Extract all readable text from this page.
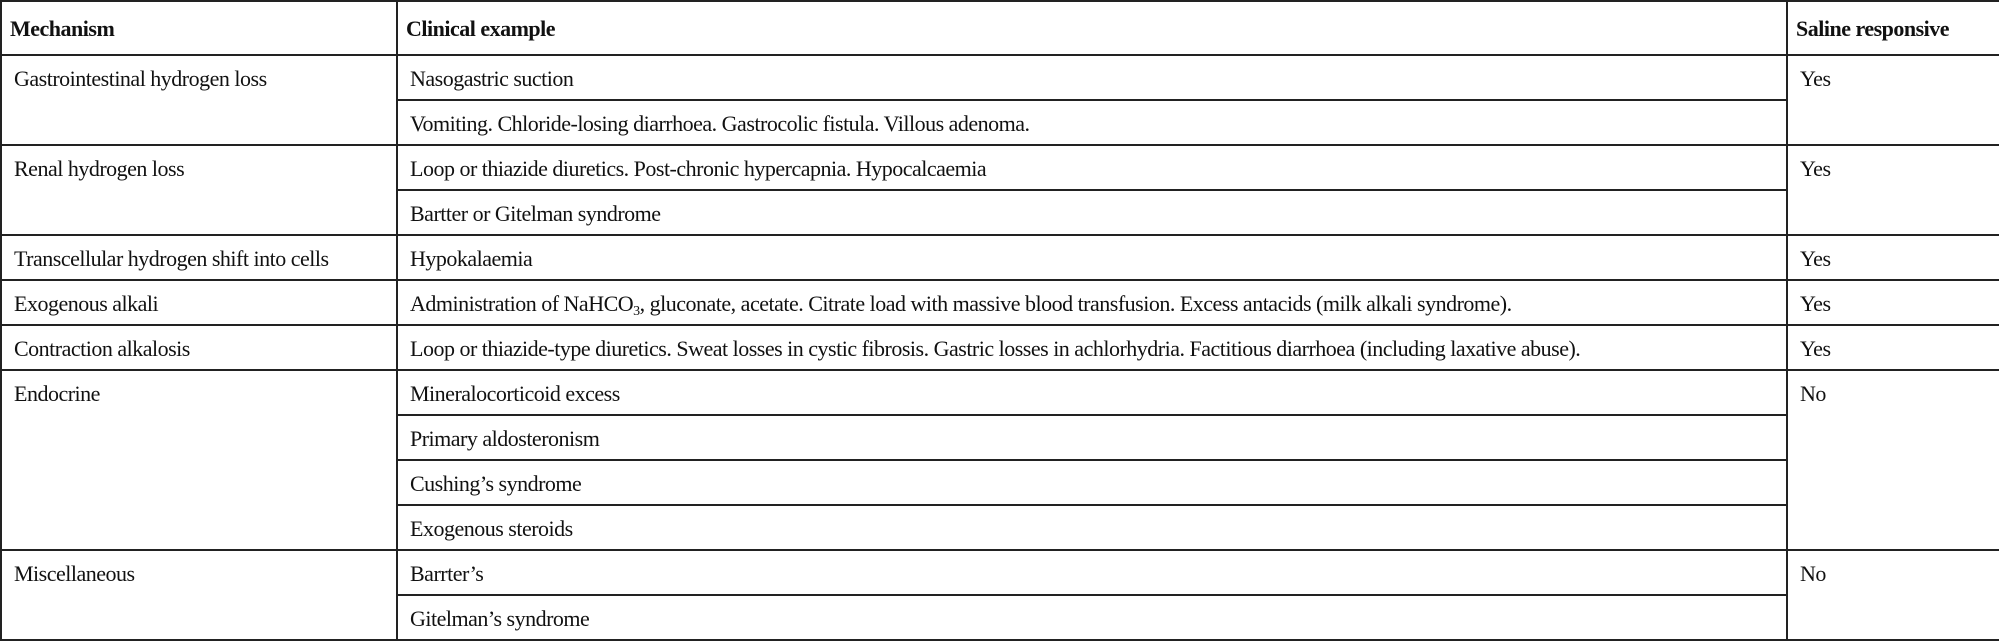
Mechanism	Clinical example	Saline responsive
Gastrointestinal hydrogen loss	Nasogastric suction	Yes
	Vomiting. Chloride-losing diarrhoea. Gastrocolic fistula. Villous adenoma.	
Renal hydrogen loss	Loop or thiazide diuretics. Post-chronic hypercapnia. Hypocalcaemia	Yes
	Bartter or Gitelman syndrome	
Transcellular hydrogen shift into cells	Hypokalaemia	Yes
Exogenous alkali	Administration of NaHCO$_3$, gluconate, acetate. Citrate load with massive blood transfusion. Excess antacids (milk alkali syndrome).	Yes
Contraction alkalosis	Loop or thiazide-type diuretics. Sweat losses in cystic fibrosis. Gastric losses in achlorhydria. Factitious diarrhoea (including laxative abuse).	Yes
Endocrine	Mineralocorticoid excess	No
	Primary aldosteronism	
	Cushing’s syndrome	
	Exogenous steroids	
Miscellaneous	Barrter’s	No
	Gitelman’s syndrome	
